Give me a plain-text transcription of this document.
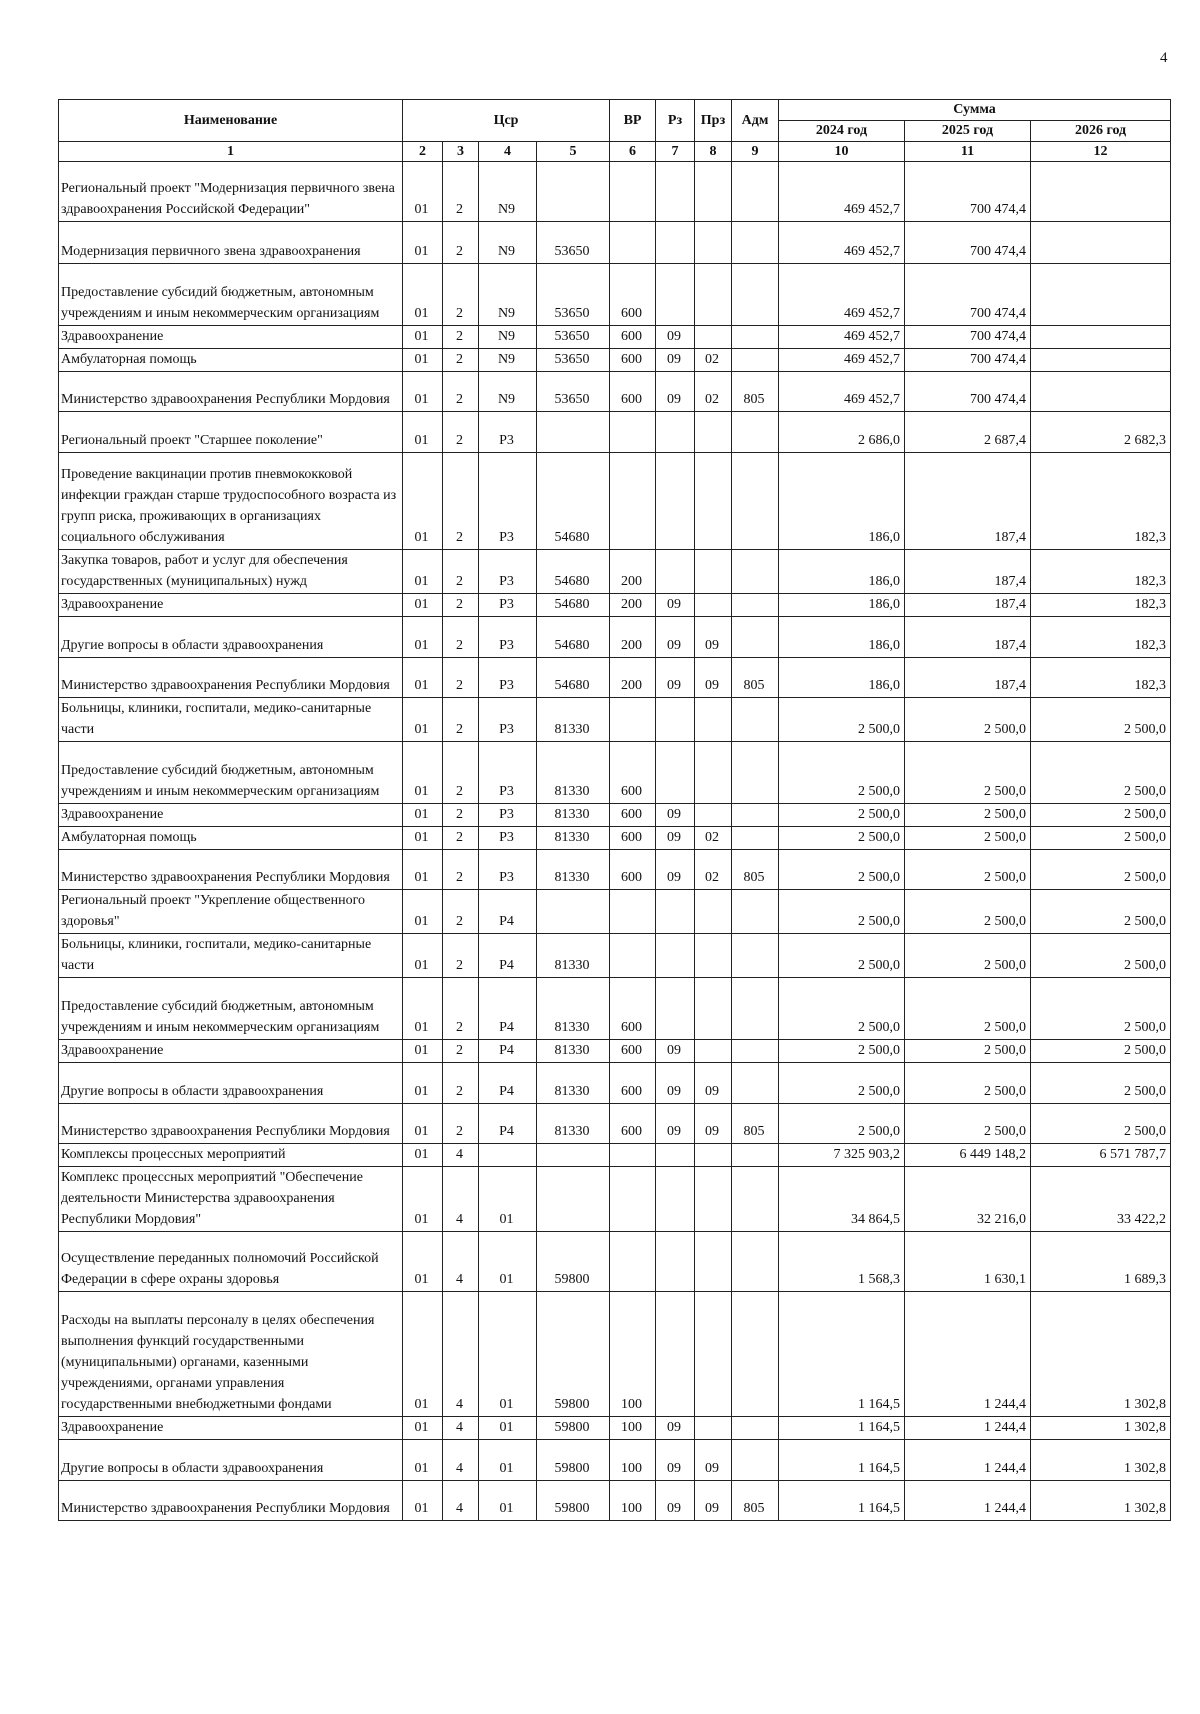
4
Наименование	Цср				ВР	Рз	Прз	Адм	Сумма		
									2024 год	2025 год	2026 год
1	2	3	4	5	6	7	8	9	10	11	12
Региональный проект "Модернизация первичного звена здравоохранения Российской Федерации"	01	2	N9						469 452,7	700 474,4	
Модернизация первичного звена здравоохранения	01	2	N9	53650					469 452,7	700 474,4	
Предоставление субсидий бюджетным, автономным учреждениям и иным некоммерческим организациям	01	2	N9	53650	600				469 452,7	700 474,4	
Здравоохранение	01	2	N9	53650	600	09			469 452,7	700 474,4	
Амбулаторная помощь	01	2	N9	53650	600	09	02		469 452,7	700 474,4	
Министерство здравоохранения Республики Мордовия	01	2	N9	53650	600	09	02	805	469 452,7	700 474,4	
Региональный проект "Старшее поколение"	01	2	P3						2 686,0	2 687,4	2 682,3
Проведение вакцинации против пневмококковой инфекции граждан старше трудоспособного возраста из групп риска, проживающих в организациях социального обслуживания	01	2	P3	54680					186,0	187,4	182,3
Закупка товаров, работ и услуг для обеспечения государственных (муниципальных) нужд	01	2	P3	54680	200				186,0	187,4	182,3
Здравоохранение	01	2	P3	54680	200	09			186,0	187,4	182,3
Другие вопросы в области здравоохранения	01	2	P3	54680	200	09	09		186,0	187,4	182,3
Министерство здравоохранения Республики Мордовия	01	2	P3	54680	200	09	09	805	186,0	187,4	182,3
Больницы, клиники, госпитали, медико-санитарные части	01	2	P3	81330					2 500,0	2 500,0	2 500,0
Предоставление субсидий бюджетным, автономным учреждениям и иным некоммерческим организациям	01	2	P3	81330	600				2 500,0	2 500,0	2 500,0
Здравоохранение	01	2	P3	81330	600	09			2 500,0	2 500,0	2 500,0
Амбулаторная помощь	01	2	P3	81330	600	09	02		2 500,0	2 500,0	2 500,0
Министерство здравоохранения Республики Мордовия	01	2	P3	81330	600	09	02	805	2 500,0	2 500,0	2 500,0
Региональный проект "Укрепление общественного здоровья"	01	2	P4						2 500,0	2 500,0	2 500,0
Больницы, клиники, госпитали, медико-санитарные части	01	2	P4	81330					2 500,0	2 500,0	2 500,0
Предоставление субсидий бюджетным, автономным учреждениям и иным некоммерческим организациям	01	2	P4	81330	600				2 500,0	2 500,0	2 500,0
Здравоохранение	01	2	P4	81330	600	09			2 500,0	2 500,0	2 500,0
Другие вопросы в области здравоохранения	01	2	P4	81330	600	09	09		2 500,0	2 500,0	2 500,0
Министерство здравоохранения Республики Мордовия	01	2	P4	81330	600	09	09	805	2 500,0	2 500,0	2 500,0
Комплексы процессных мероприятий	01	4							7 325 903,2	6 449 148,2	6 571 787,7
Комплекс процессных мероприятий "Обеспечение деятельности Министерства здравоохранения Республики Мордовия"	01	4	01						34 864,5	32 216,0	33 422,2
Осуществление переданных полномочий Российской Федерации в сфере охраны здоровья	01	4	01	59800					1 568,3	1 630,1	1 689,3
Расходы на выплаты персоналу в целях обеспечения выполнения функций государственными (муниципальными) органами, казенными учреждениями, органами управления государственными внебюджетными фондами	01	4	01	59800	100				1 164,5	1 244,4	1 302,8
Здравоохранение	01	4	01	59800	100	09			1 164,5	1 244,4	1 302,8
Другие вопросы в области здравоохранения	01	4	01	59800	100	09	09		1 164,5	1 244,4	1 302,8
Министерство здравоохранения Республики Мордовия	01	4	01	59800	100	09	09	805	1 164,5	1 244,4	1 302,8
